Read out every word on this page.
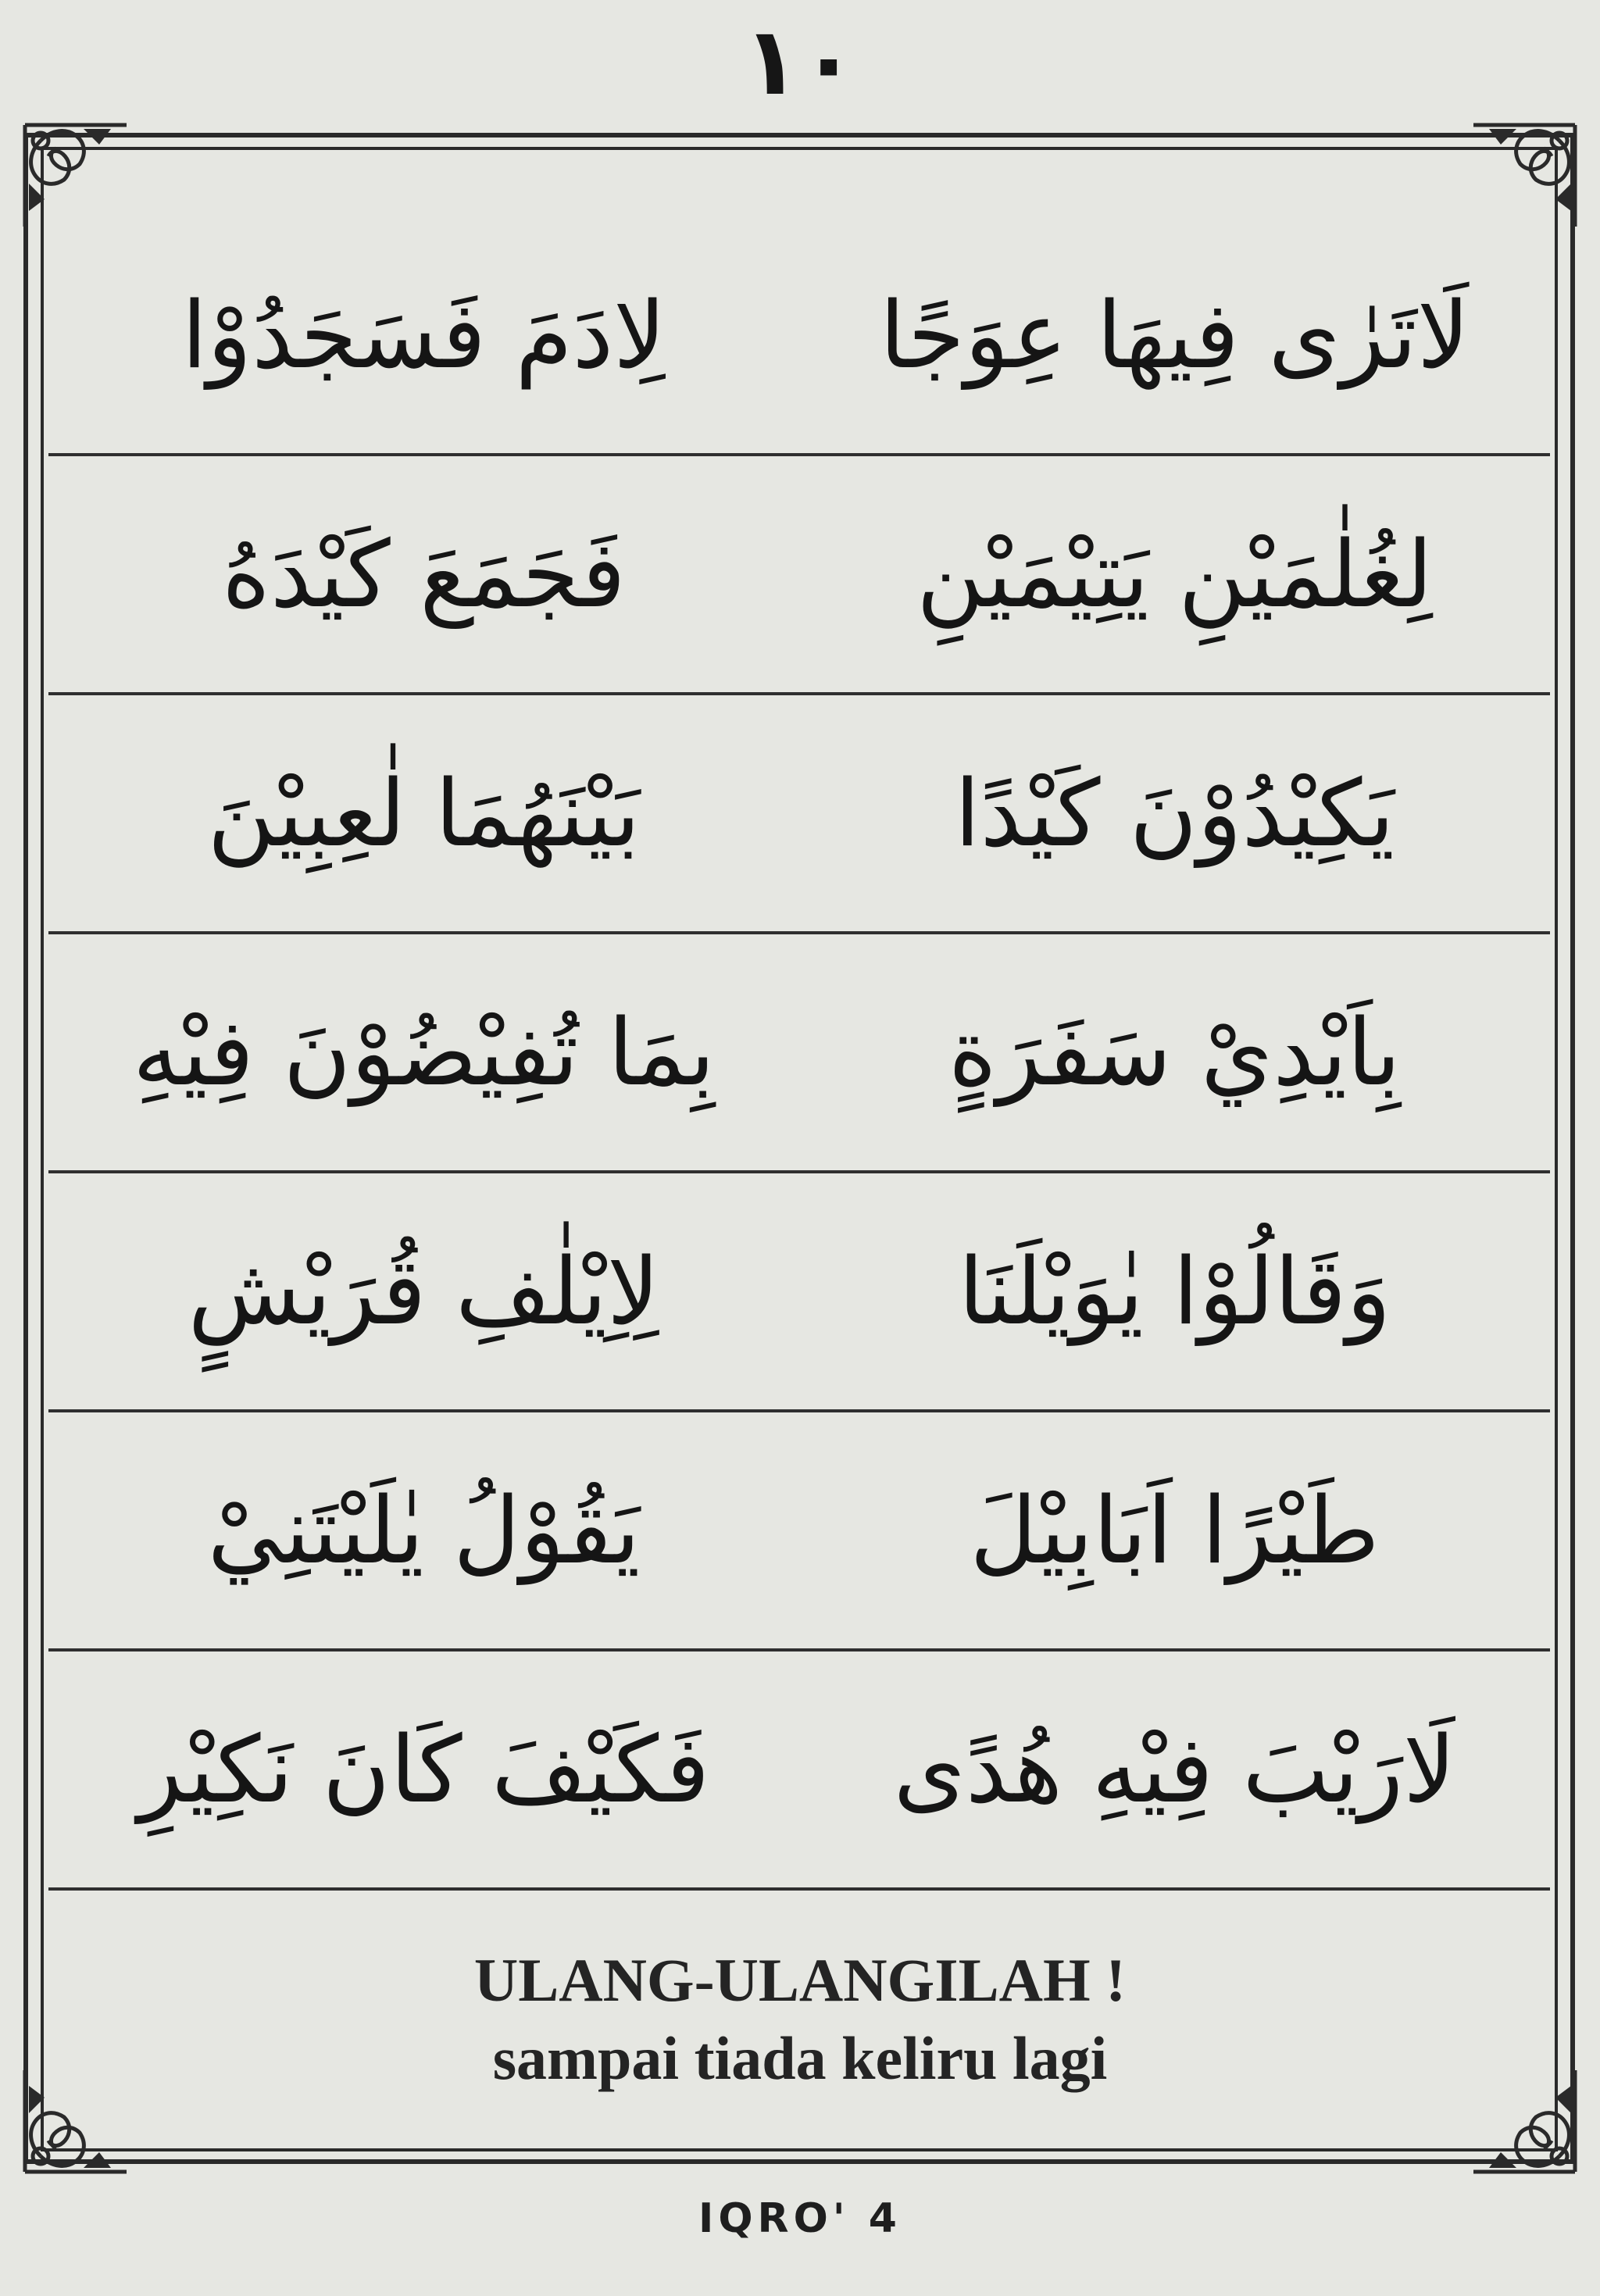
١٠
لِادَمَ فَسَجَدُوْا	لَاتَرٰى فِيهَا عِوَجًا
فَجَمَعَ كَيْدَهُ	لِغُلٰمَيْنِ يَتِيْمَيْنِ
بَيْنَهُمَا لٰعِبِيْنَ	يَكِيْدُوْنَ كَيْدًا
بِمَا تُفِيْضُوْنَ فِيْهِ	بِاَيْدِيْ سَفَرَةٍ
لِاِيْلٰفِ قُرَيْشٍ	وَقَالُوْا يٰوَيْلَنَا
يَقُوْلُ يٰلَيْتَنِيْ	طَيْرًا اَبَابِيْلَ
فَكَيْفَ كَانَ نَكِيْرِ	لَارَيْبَ فِيْهِ هُدًى
ULANG-ULANGILAH !
sampai tiada keliru lagi
IQRO' 4
